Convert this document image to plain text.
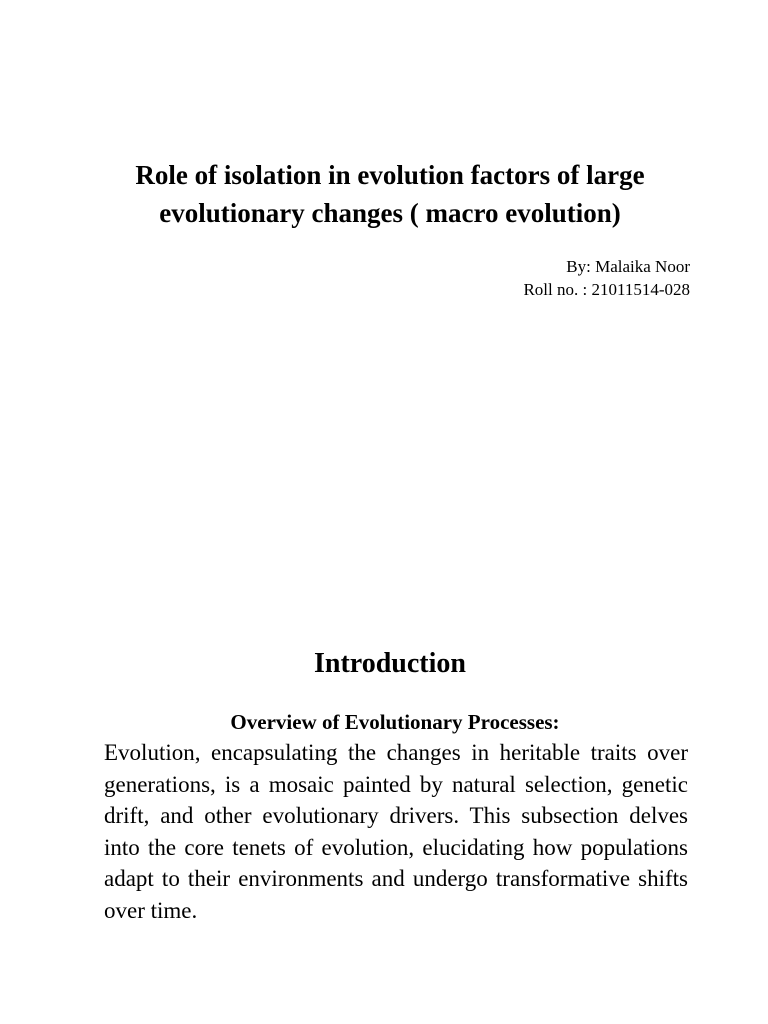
Role of isolation in evolution factors of large
evolutionary changes ( macro evolution)
By: Malaika Noor
Roll no. : 21011514-028
Introduction
Overview of Evolutionary Processes:

Evolution, encapsulating the changes in heritable traits over generations, is a mosaic painted by natural selection, genetic drift, and other evolutionary drivers. This subsection delves into the core tenets of evolution, elucidating how populations adapt to their environments and undergo transformative shifts over time.
